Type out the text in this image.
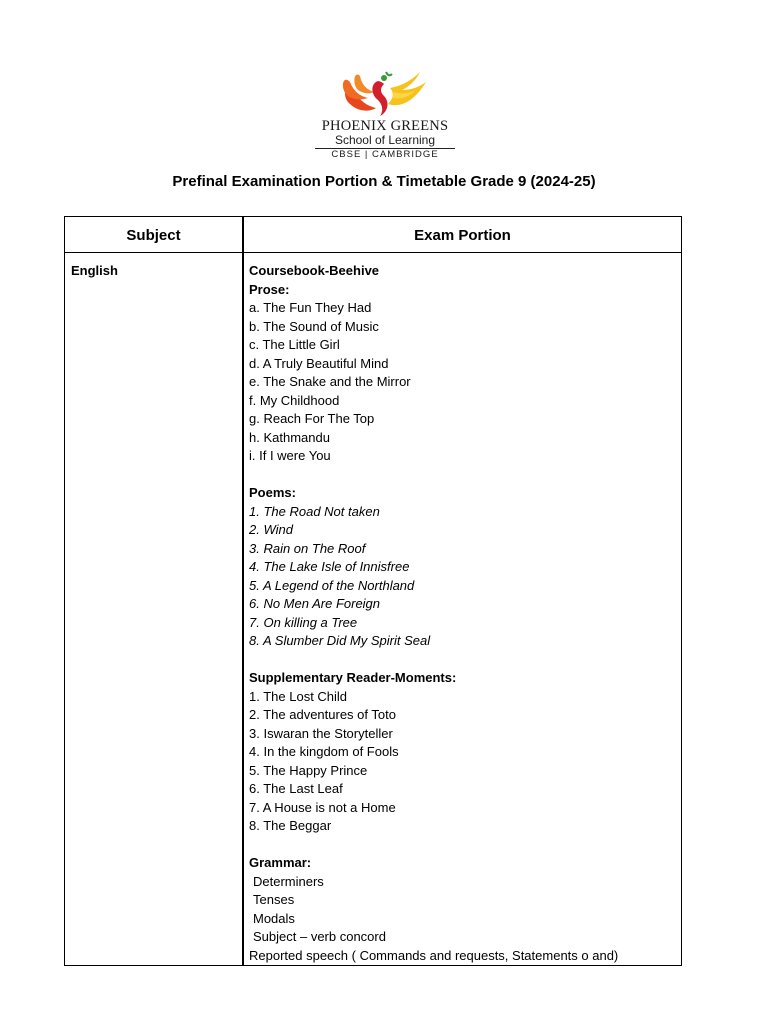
PHOENIX GREENS
School of Learning
CBSE | CAMBRIDGE
Prefinal Examination Portion & Timetable Grade 9 (2024-25)
Subject	Exam Portion
English	Coursebook-Beehive
Prose:
a. The Fun They Had
b. The Sound of Music
c. The Little Girl
d. A Truly Beautiful Mind
e. The Snake and the Mirror
f. My Childhood
g. Reach For The Top
h. Kathmandu
i. If I were You
Poems:
1. The Road Not taken
2. Wind
3. Rain on The Roof
4. The Lake Isle of Innisfree
5. A Legend of the Northland
6. No Men Are Foreign
7. On killing a Tree
8. A Slumber Did My Spirit Seal
Supplementary Reader-Moments:
1. The Lost Child
2. The adventures of Toto
3. Iswaran the Storyteller
4. In the kingdom of Fools
5. The Happy Prince
6. The Last Leaf
7. A House is not a Home
8. The Beggar
Grammar:
Determiners
Tenses
Modals
Subject – verb concord
Reported speech ( Commands and requests, Statements o and)
